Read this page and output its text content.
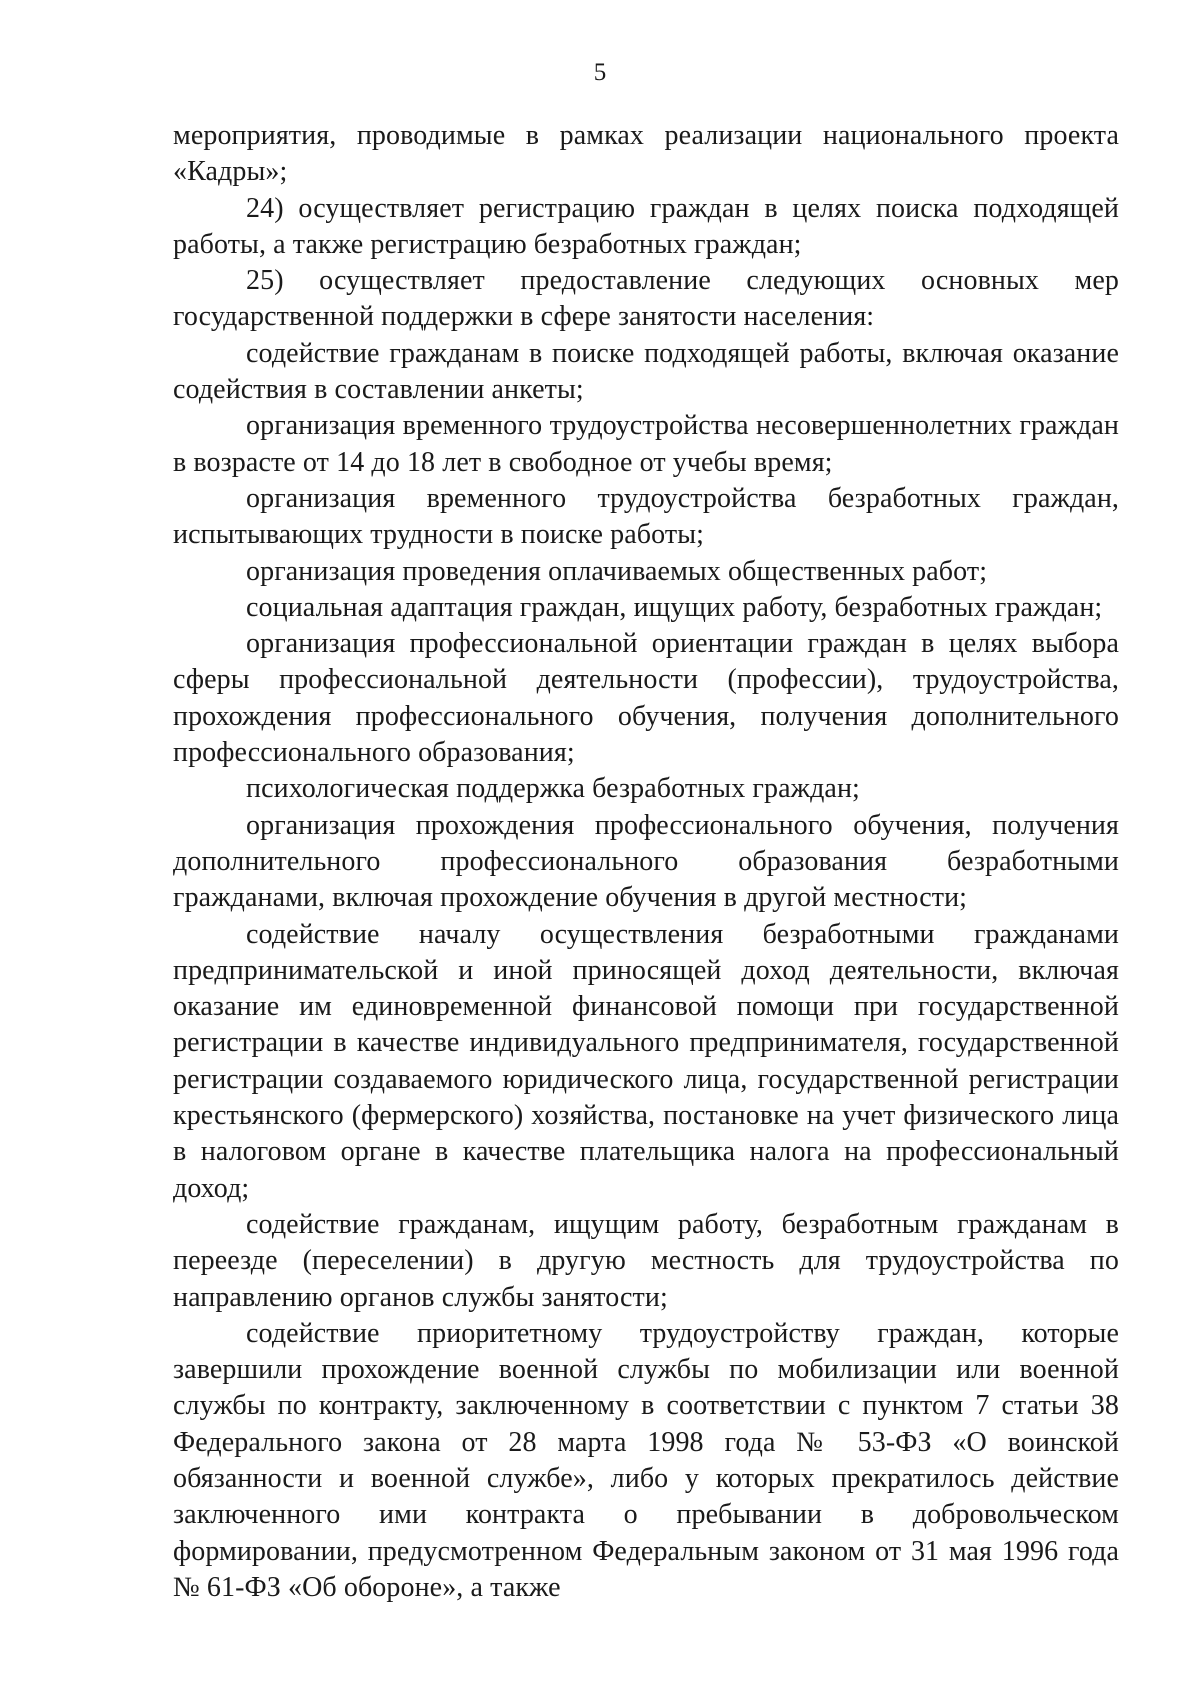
5

мероприятия, проводимые в рамках реализации национального проекта «Кадры»;

24) осуществляет регистрацию граждан в целях поиска подходящей работы, а также регистрацию безработных граждан;

25) осуществляет предоставление следующих основных мер государственной поддержки в сфере занятости населения:

содействие гражданам в поиске подходящей работы, включая оказание содействия в составлении анкеты;

организация временного трудоустройства несовершеннолетних граждан в возрасте от 14 до 18 лет в свободное от учебы время;

организация временного трудоустройства безработных граждан, испытывающих трудности в поиске работы;

организация проведения оплачиваемых общественных работ;

социальная адаптация граждан, ищущих работу, безработных граждан;

организация профессиональной ориентации граждан в целях выбора сферы профессиональной деятельности (профессии), трудоустройства, прохождения профессионального обучения, получения дополнительного профессионального образования;

психологическая поддержка безработных граждан;

организация прохождения профессионального обучения, получения дополнительного профессионального образования безработными гражданами, включая прохождение обучения в другой местности;

содействие началу осуществления безработными гражданами предпринимательской и иной приносящей доход деятельности, включая оказание им единовременной финансовой помощи при государственной регистрации в качестве индивидуального предпринимателя, государственной регистрации создаваемого юридического лица, государственной регистрации крестьянского (фермерского) хозяйства, постановке на учет физического лица в налоговом органе в качестве плательщика налога на профессиональный доход;

содействие гражданам, ищущим работу, безработным гражданам в переезде (переселении) в другую местность для трудоустройства по направлению органов службы занятости;

содействие приоритетному трудоустройству граждан, которые завершили прохождение военной службы по мобилизации или военной службы по контракту, заключенному в соответствии с пунктом 7 статьи 38 Федерального закона от 28 марта 1998 года № 53-ФЗ «О воинской обязанности и военной службе», либо у которых прекратилось действие заключенного ими контракта о пребывании в добровольческом формировании, предусмотренном Федеральным законом от 31 мая 1996 года № 61-ФЗ «Об обороне», а также
